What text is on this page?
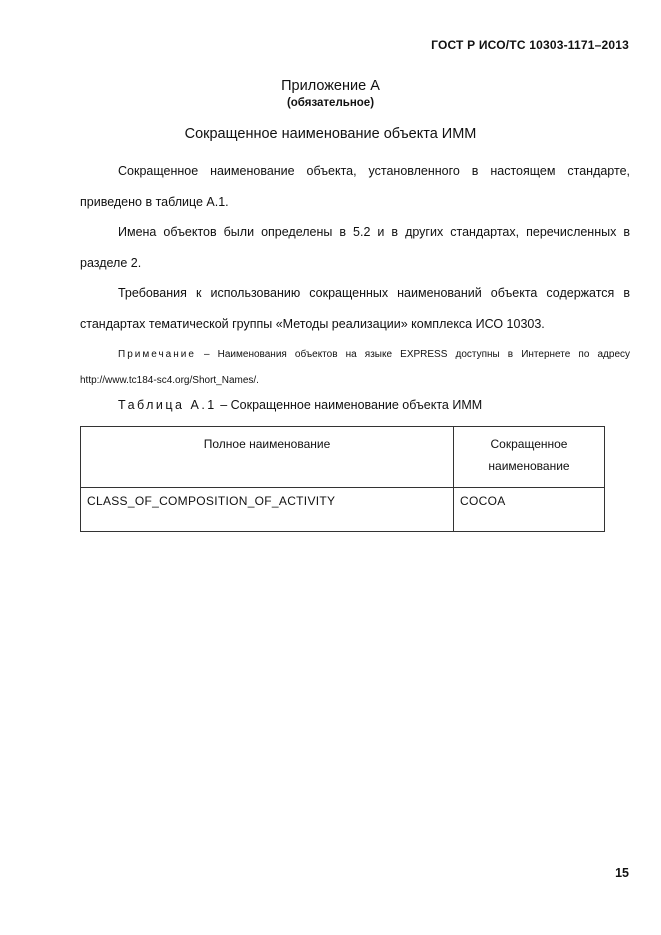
ГОСТ Р ИСО/ТС 10303-1171–2013
Приложение А
(обязательное)
Сокращенное наименование объекта ИММ

Сокращенное наименование объекта, установленного в настоящем стандарте, приведено в таблице А.1.

Имена объектов были определены в 5.2 и в других стандартах, перечисленных в разделе 2.

Требования к использованию сокращенных наименований объекта содержатся в стандартах тематической группы «Методы реализации» комплекса ИСО 10303.

Примечание – Наименования объектов на языке EXPRESS доступны в Интернете по адресу http://www.tc184-sc4.org/Short_Names/.

Таблица А.1 – Сокращенное наименование объекта ИММ
Полное наименование	Сокращенное наименование
CLASS_OF_COMPOSITION_OF_ACTIVITY	COCOA
15
